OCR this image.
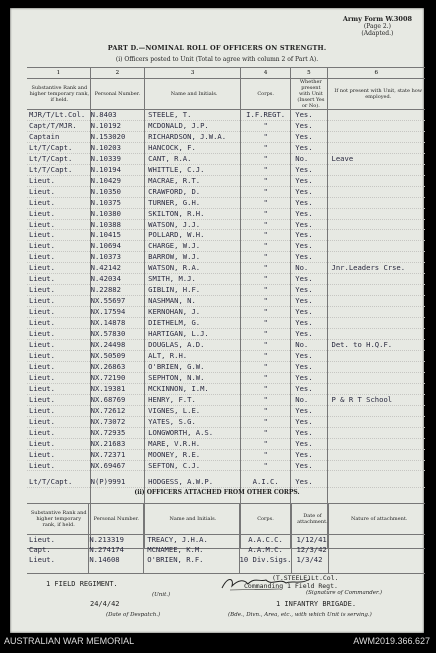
Army Form W.3008
(Page 2.)
(Adapted.)
PART D.—NOMINAL ROLL OF OFFICERS ON STRENGTH.
(i) Officers posted to Unit (Total to agree with column 2 of Part A).
1	2	3	4	5	6
Substantive Rank and higher temporary rank, if held.	Personal Number.	Name and Initials.	Corps.	Whether present with Unit (Insert Yes or No).	If not present with Unit, state how employed.
MJR/T/Lt.Col.	N.8403	STEELE, T.	I.F.REGT.	Yes.	
Capt/T/MJR.	N.10192	MCDONALD, J.P.	"	Yes.	
Captain	N.153020	RICHARDSON, J.W.A.	"	Yes.	
Lt/T/Capt.	N.10203	HANCOCK, F.	"	Yes.	
Lt/T/Capt.	N.10339	CANT, R.A.	"	No.	Leave
Lt/T/Capt.	N.10194	WHITTLE, C.J.	"	Yes.	
Lieut.	N.10429	MACRAE, R.T.	"	Yes.	
Lieut.	N.10350	CRAWFORD, D.	"	Yes.	
Lieut.	N.10375	TURNER, G.H.	"	Yes.	
Lieut.	N.10380	SKILTON, R.H.	"	Yes.	
Lieut.	N.10388	WATSON, J.J.	"	Yes.	
Lieut.	N.10415	POLLARD, W.H.	"	Yes.	
Lieut.	N.10694	CHARGE, W.J.	"	Yes.	
Lieut.	N.10373	BARROW, W.J.	"	Yes.	
Lieut.	N.42142	WATSON, R.A.	"	No.	Jnr.Leaders Crse.
Lieut.	N.42034	SMITH, M.J.	"	Yes.	
Lieut.	N.22882	GIBLIN, H.F.	"	Yes.	
Lieut.	NX.55697	NASHMAN, N.	"	Yes.	
Lieut.	NX.17594	KERNOHAN, J.	"	Yes.	
Lieut.	NX.14878	DIETHELM, G.	"	Yes.	
Lieut.	NX.57830	HARTIGAN, L.J.	"	Yes.	
Lieut.	NX.24498	DOUGLAS, A.D.	"	No.	Det. to H.Q.F.
Lieut.	NX.50509	ALT, R.H.	"	Yes.	
Lieut.	NX.26863	O'BRIEN, G.W.	"	Yes.	
Lieut.	NX.72190	SEPHTON, N.W.	"	Yes.	
Lieut.	NX.19381	MCKINNON, I.M.	"	Yes.	
Lieut.	NX.68769	HENRY, F.T.	"	No.	P & R T School
Lieut.	NX.72612	VIGNES, L.E.	"	Yes.	
Lieut.	NX.73072	YATES, S.G.	"	Yes.	
Lieut.	NX.72935	LONGWORTH, A.S.	"	Yes.	
Lieut.	NX.21683	MARE, V.R.H.	"	Yes.	
Lieut.	NX.72371	MOONEY, R.E.	"	Yes.	
Lieut.	NX.69467	SEFTON, C.J.	"	Yes.	

Lt/T/Capt.	N(P)9991	HODGESS, A.W.P.	A.I.C.	Yes.	

(ii) OFFICERS ATTACHED FROM OTHER CORPS.
Substantive Rank and higher temporary rank, if held.	Personal Number.	Name and Initials.	Corps.	Date of attachment.	Nature of attachment.
Lieut.	N.213319	TREACY, J.H.A.	A.A.C.C.	1/12/41	
Capt.	N.274174	MCNAMEE, K.M.	A.A.M.C.	12/3/42	
Lieut.	N.14608	O'BRIEN, R.F.	10 Div.Sigs.	1/3/42	

1 FIELD REGIMENT.
(Unit.)
(T.STEELE)Lt.Col.
Commanding 1 Field Regt.
(Signature of Commander.)
24/4/42
(Date of Despatch.)
1 INFANTRY BRIGADE.
(Bde., Divn., Area, etc., with which Unit is serving.)
AUSTRALIAN WAR MEMORIAL	AWM2019.366.627
